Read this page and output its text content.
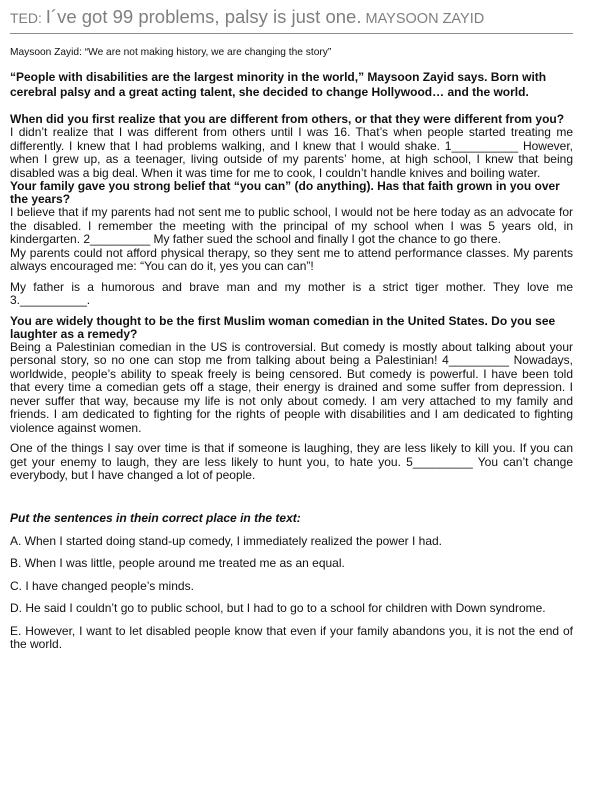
TED: I´ve got 99 problems, palsy is just one. MAYSOON ZAYID
Maysoon Zayid: “We are not making history, we are changing the story”
“People with disabilities are the largest minority in the world,” Maysoon Zayid says. Born with cerebral palsy and a great acting talent, she decided to change Hollywood… and the world.
When did you first realize that you are different from others, or that they were different from you?
I didn’t realize that I was different from others until I was 16. That’s when people started treating me differently. I knew that I had problems walking, and I knew that I would shake. 1__________ However, when I grew up, as a teenager, living outside of my parents’ home, at high school, I knew that being disabled was a big deal. When it was time for me to cook, I couldn’t handle knives and boiling water.
Your family gave you strong belief that “you can” (do anything). Has that faith grown in you over the years?
I believe that if my parents had not sent me to public school, I would not be here today as an advocate for the disabled. I remember the meeting with the principal of my school when I was 5 years old, in kindergarten. 2_________ My father sued the school and finally I got the chance to go there.
My parents could not afford physical therapy, so they sent me to attend performance classes. My parents always encouraged me: “You can do it, yes you can can”!
My father is a humorous and brave man and my mother is a strict tiger mother. They love me 3.__________.
You are widely thought to be the first Muslim woman comedian in the United States. Do you see laughter as a remedy?
Being a Palestinian comedian in the US is controversial. But comedy is mostly about talking about your personal story, so no one can stop me from talking about being a Palestinian! 4_________ Nowadays, worldwide, people’s ability to speak freely is being censored. But comedy is powerful. I have been told that every time a comedian gets off a stage, their energy is drained and some suffer from depression. I never suffer that way, because my life is not only about comedy. I am very attached to my family and friends. I am dedicated to fighting for the rights of people with disabilities and I am dedicated to fighting violence against women.
One of the things I say over time is that if someone is laughing, they are less likely to kill you. If you can get your enemy to laugh, they are less likely to hunt you, to hate you. 5_________ You can’t change everybody, but I have changed a lot of people.
Put the sentences in thein correct place in the text:
A. When I started doing stand-up comedy, I immediately realized the power I had.
B. When I was little, people around me treated me as an equal.
C. I have changed people’s minds.
D. He said I couldn’t go to public school, but I had to go to a school for children with Down syndrome.
E. However, I want to let disabled people know that even if your family abandons you, it is not the end of the world.
